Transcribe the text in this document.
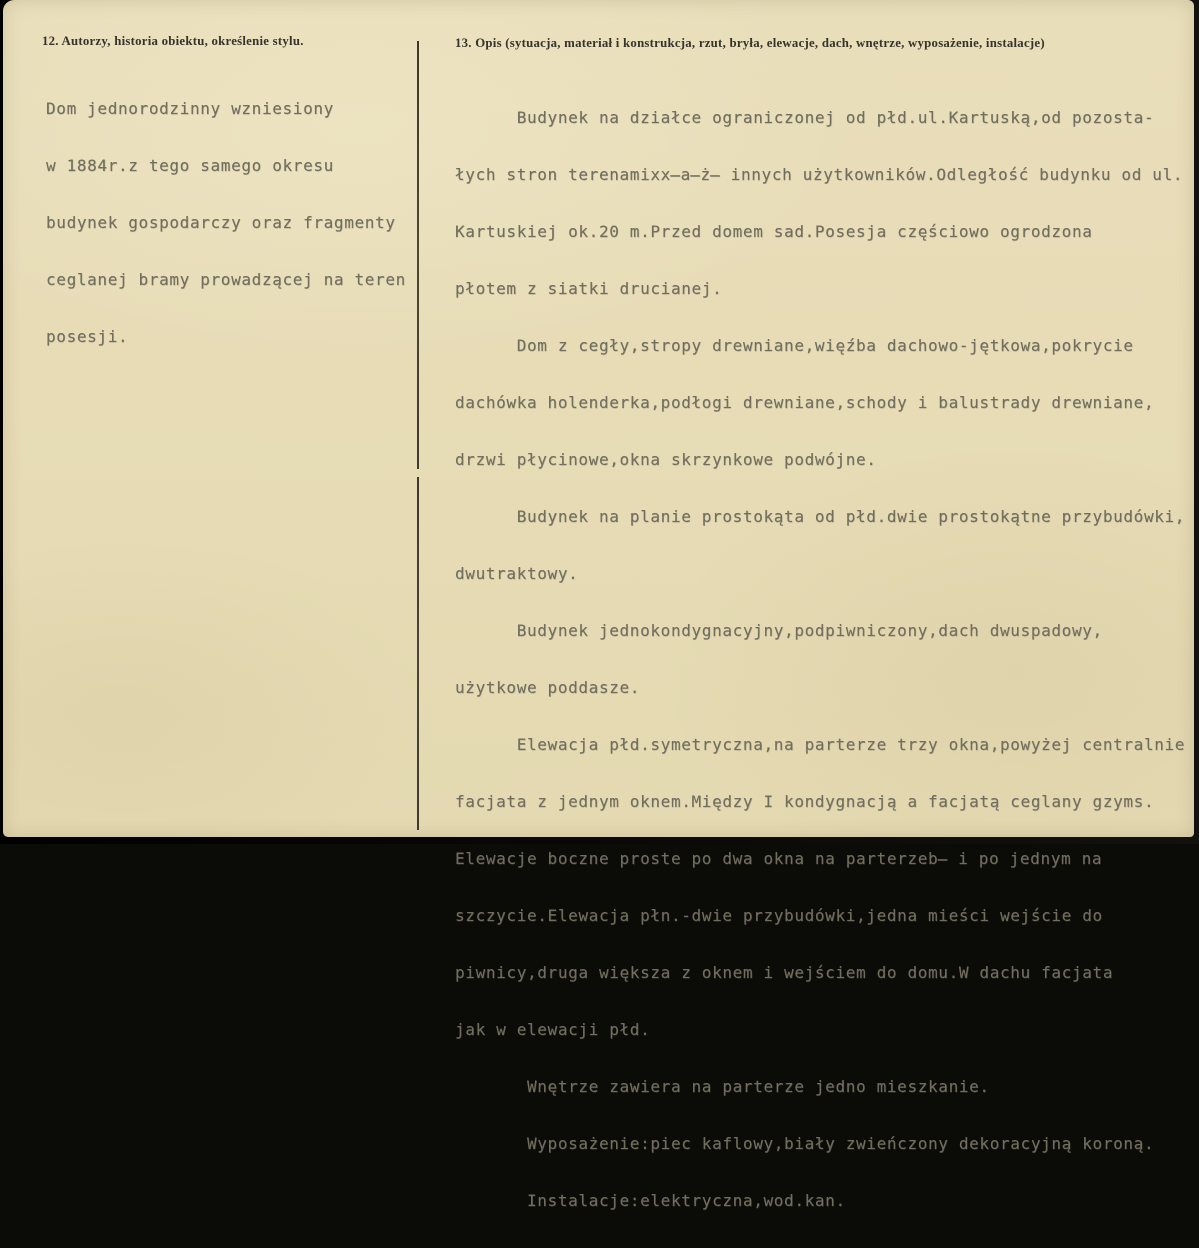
12. Autorzy, historia obiektu, określenie stylu.

Dom jednorodzinny wzniesiony

w 1884r.z tego samego okresu

budynek gospodarczy oraz fragmenty

ceglanej bramy prowadzącej na teren

posesji.

13. Opis (sytuacja, materiał i konstrukcja, rzut, bryła, elewacje, dach, wnętrze, wyposażenie, instalacje)

Budynek na działce ograniczonej od płd.ul.Kartuską,od pozosta-

łych stron terenamixx̶a̶ż̶ innych użytkowników.Odległość budynku od ul.

Kartuskiej ok.20 m.Przed domem sad.Posesja częściowo ogrodzona

płotem z siatki drucianej.

Dom z cegły,stropy drewniane,więźba dachowo-jętkowa,pokrycie

dachówka holenderka,podłogi drewniane,schody i balustrady drewniane,

drzwi płycinowe,okna skrzynkowe podwójne.

Budynek na planie prostokąta od płd.dwie prostokątne przybudówki,

dwutraktowy.

Budynek jednokondygnacyjny,podpiwniczony,dach dwuspadowy,

użytkowe poddasze.

Elewacja płd.symetryczna,na parterze trzy okna,powyżej centralnie

facjata z jednym oknem.Między I kondygnacją a facjatą ceglany gzyms.

Elewacje boczne proste po dwa okna na parterzeb̶ i po jednym na

szczycie.Elewacja płn.-dwie przybudówki,jedna mieści wejście do

piwnicy,druga większa z oknem i wejściem do domu.W dachu facjata

jak w elewacji płd.

Wnętrze zawiera na parterze jedno mieszkanie.

Wyposażenie:piec kaflowy,biały zwieńczony dekoracyjną koroną.

Instalacje:elektryczna,wod.kan.
